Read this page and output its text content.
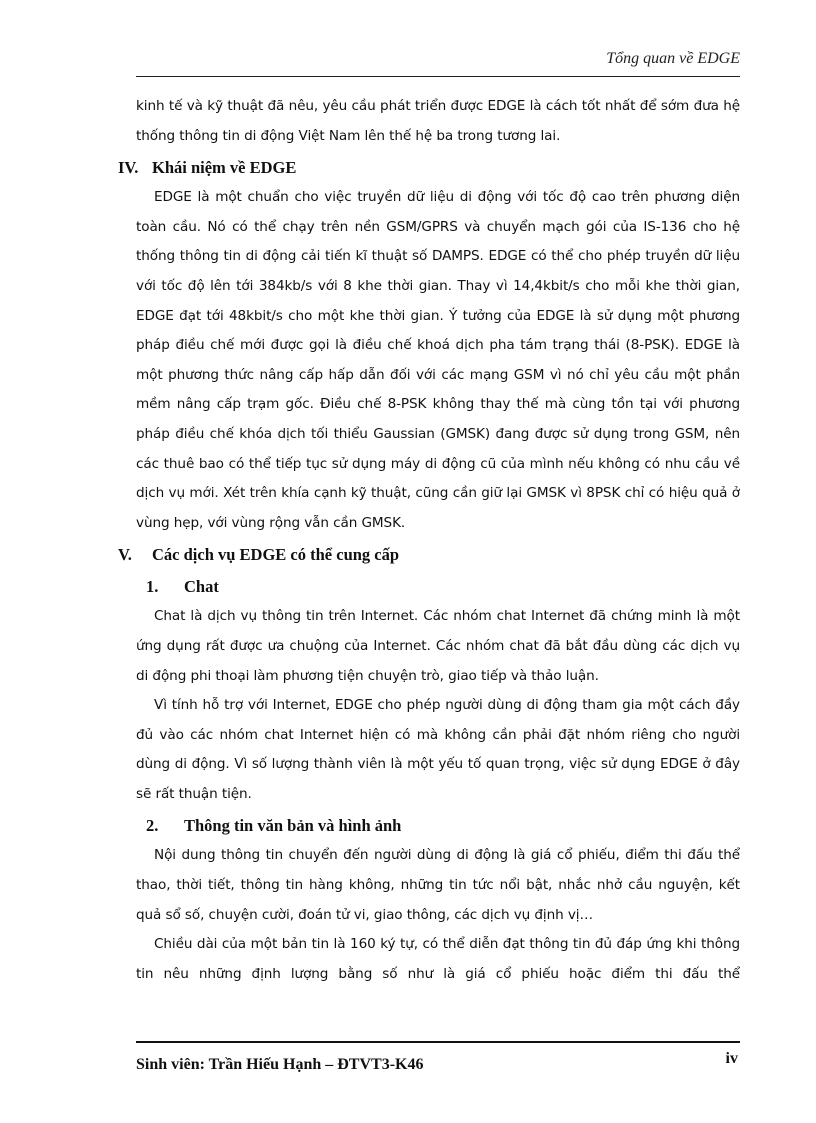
Tổng quan về EDGE

kinh tế và kỹ thuật đã nêu, yêu cầu phát triển được EDGE là cách tốt nhất để sớm đưa hệ thống thông tin di động Việt Nam lên thế hệ ba trong tương lai.

IV. Khái niệm về EDGE

EDGE là một chuẩn cho việc truyền dữ liệu di động với tốc độ cao trên phương diện toàn cầu. Nó có thể chạy trên nền GSM/GPRS và chuyển mạch gói của IS-136 cho hệ thống thông tin di động cải tiến kĩ thuật số DAMPS. EDGE có thể cho phép truyền dữ liệu với tốc độ lên tới 384kb/s với 8 khe thời gian. Thay vì 14,4kbit/s cho mỗi khe thời gian, EDGE đạt tới 48kbit/s cho một khe thời gian. Ý tưởng của EDGE là sử dụng một phương pháp điều chế mới được gọi là điều chế khoá dịch pha tám trạng thái (8-PSK). EDGE là một phương thức nâng cấp hấp dẫn đối với các mạng GSM vì nó chỉ yêu cầu một phần mềm nâng cấp trạm gốc. Điều chế 8-PSK không thay thế mà cùng tồn tại với phương pháp điều chế khóa dịch tối thiểu Gaussian (GMSK) đang được sử dụng trong GSM, nên các thuê bao có thể tiếp tục sử dụng máy di động cũ của mình nếu không có nhu cầu về dịch vụ mới. Xét trên khía cạnh kỹ thuật, cũng cần giữ lại GMSK vì 8PSK chỉ có hiệu quả ở vùng hẹp, với vùng rộng vẫn cần GMSK.

V. Các dịch vụ EDGE có thể cung cấp
1. Chat

Chat là dịch vụ thông tin trên Internet. Các nhóm chat Internet đã chứng minh là một ứng dụng rất được ưa chuộng của Internet. Các nhóm chat đã bắt đầu dùng các dịch vụ di động phi thoại làm phương tiện chuyện trò, giao tiếp và thảo luận.

Vì tính hỗ trợ với Internet, EDGE cho phép người dùng di động tham gia một cách đầy đủ vào các nhóm chat Internet hiện có mà không cần phải đặt nhóm riêng cho người dùng di động. Vì số lượng thành viên là một yếu tố quan trọng, việc sử dụng EDGE ở đây sẽ rất thuận tiện.

2. Thông tin văn bản và hình ảnh

Nội dung thông tin chuyển đến người dùng di động là giá cổ phiếu, điểm thi đấu thể thao, thời tiết, thông tin hàng không, những tin tức nổi bật, nhắc nhở cầu nguyện, kết quả sổ số, chuyện cười, đoán tử vi, giao thông, các dịch vụ định vị…

Chiều dài của một bản tin là 160 ký tự, có thể diễn đạt thông tin đủ đáp ứng khi thông tin nêu những định lượng bằng số như là giá cổ phiếu hoặc điểm thi đấu thể

Sinh viên: Trần Hiếu Hạnh – ĐTVT3-K46	iv
